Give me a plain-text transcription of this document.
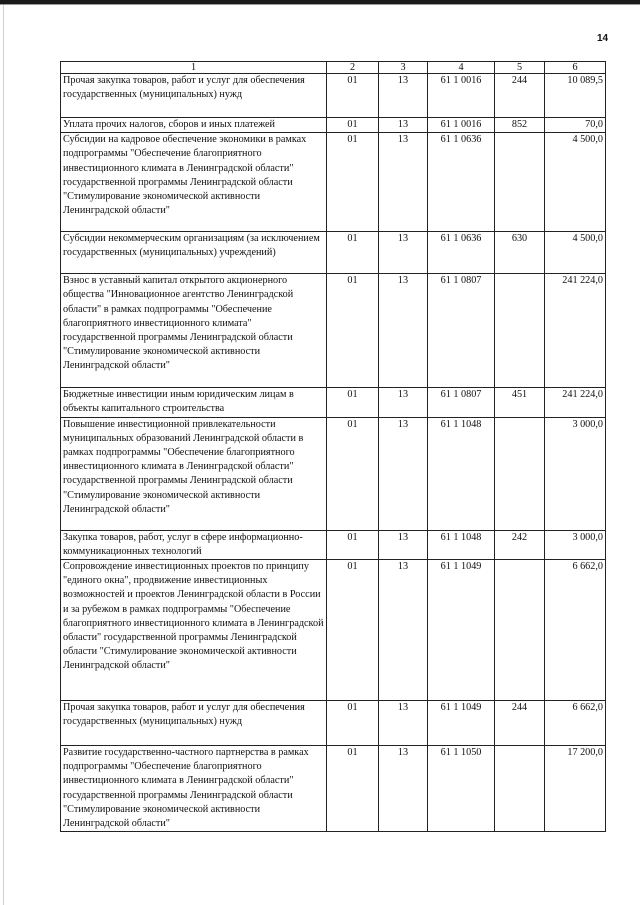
14
1	2	3	4	5	6
Прочая закупка товаров, работ и услуг для обеспечения государственных (муниципальных) нужд	01	13	61 1 0016	244	10 089,5
Уплата прочих налогов, сборов и иных платежей	01	13	61 1 0016	852	70,0
Субсидии на кадровое обеспечение экономики в рамках подпрограммы "Обеспечение благоприятного инвестиционного климата в Ленинградской области" государственной программы Ленинградской области "Стимулирование экономической активности Ленинградской области"	01	13	61 1 0636		4 500,0
Субсидии некоммерческим организациям (за исключением государственных (муниципальных) учреждений)	01	13	61 1 0636	630	4 500,0
Взнос в уставный капитал открытого акционерного общества "Инновационное агентство Ленинградской области" в рамках подпрограммы "Обеспечение благоприятного инвестиционного климата" государственной программы Ленинградской области "Стимулирование экономической активности Ленинградской области"	01	13	61 1 0807		241 224,0
Бюджетные инвестиции иным юридическим лицам в объекты капитального строительства	01	13	61 1 0807	451	241 224,0
Повышение инвестиционной привлекательности муниципальных образований Ленинградской области в рамках подпрограммы "Обеспечение благоприятного инвестиционного климата в Ленинградской области" государственной программы Ленинградской области "Стимулирование экономической активности Ленинградской области"	01	13	61 1 1048		3 000,0
Закупка товаров, работ, услуг в сфере информационно-коммуникационных технологий	01	13	61 1 1048	242	3 000,0
Сопровождение инвестиционных проектов по принципу "единого окна", продвижение инвестиционных возможностей и проектов Ленинградской области в России и за рубежом в рамках подпрограммы "Обеспечение благоприятного инвестиционного климата в Ленинградской области" государственной программы Ленинградской области "Стимулирование экономической активности Ленинградской области"	01	13	61 1 1049		6 662,0
Прочая закупка товаров, работ и услуг для обеспечения государственных (муниципальных) нужд	01	13	61 1 1049	244	6 662,0
Развитие государственно-частного партнерства в рамках подпрограммы "Обеспечение благоприятного инвестиционного климата в Ленинградской области" государственной программы Ленинградской области "Стимулирование экономической активности Ленинградской области"	01	13	61 1 1050		17 200,0
